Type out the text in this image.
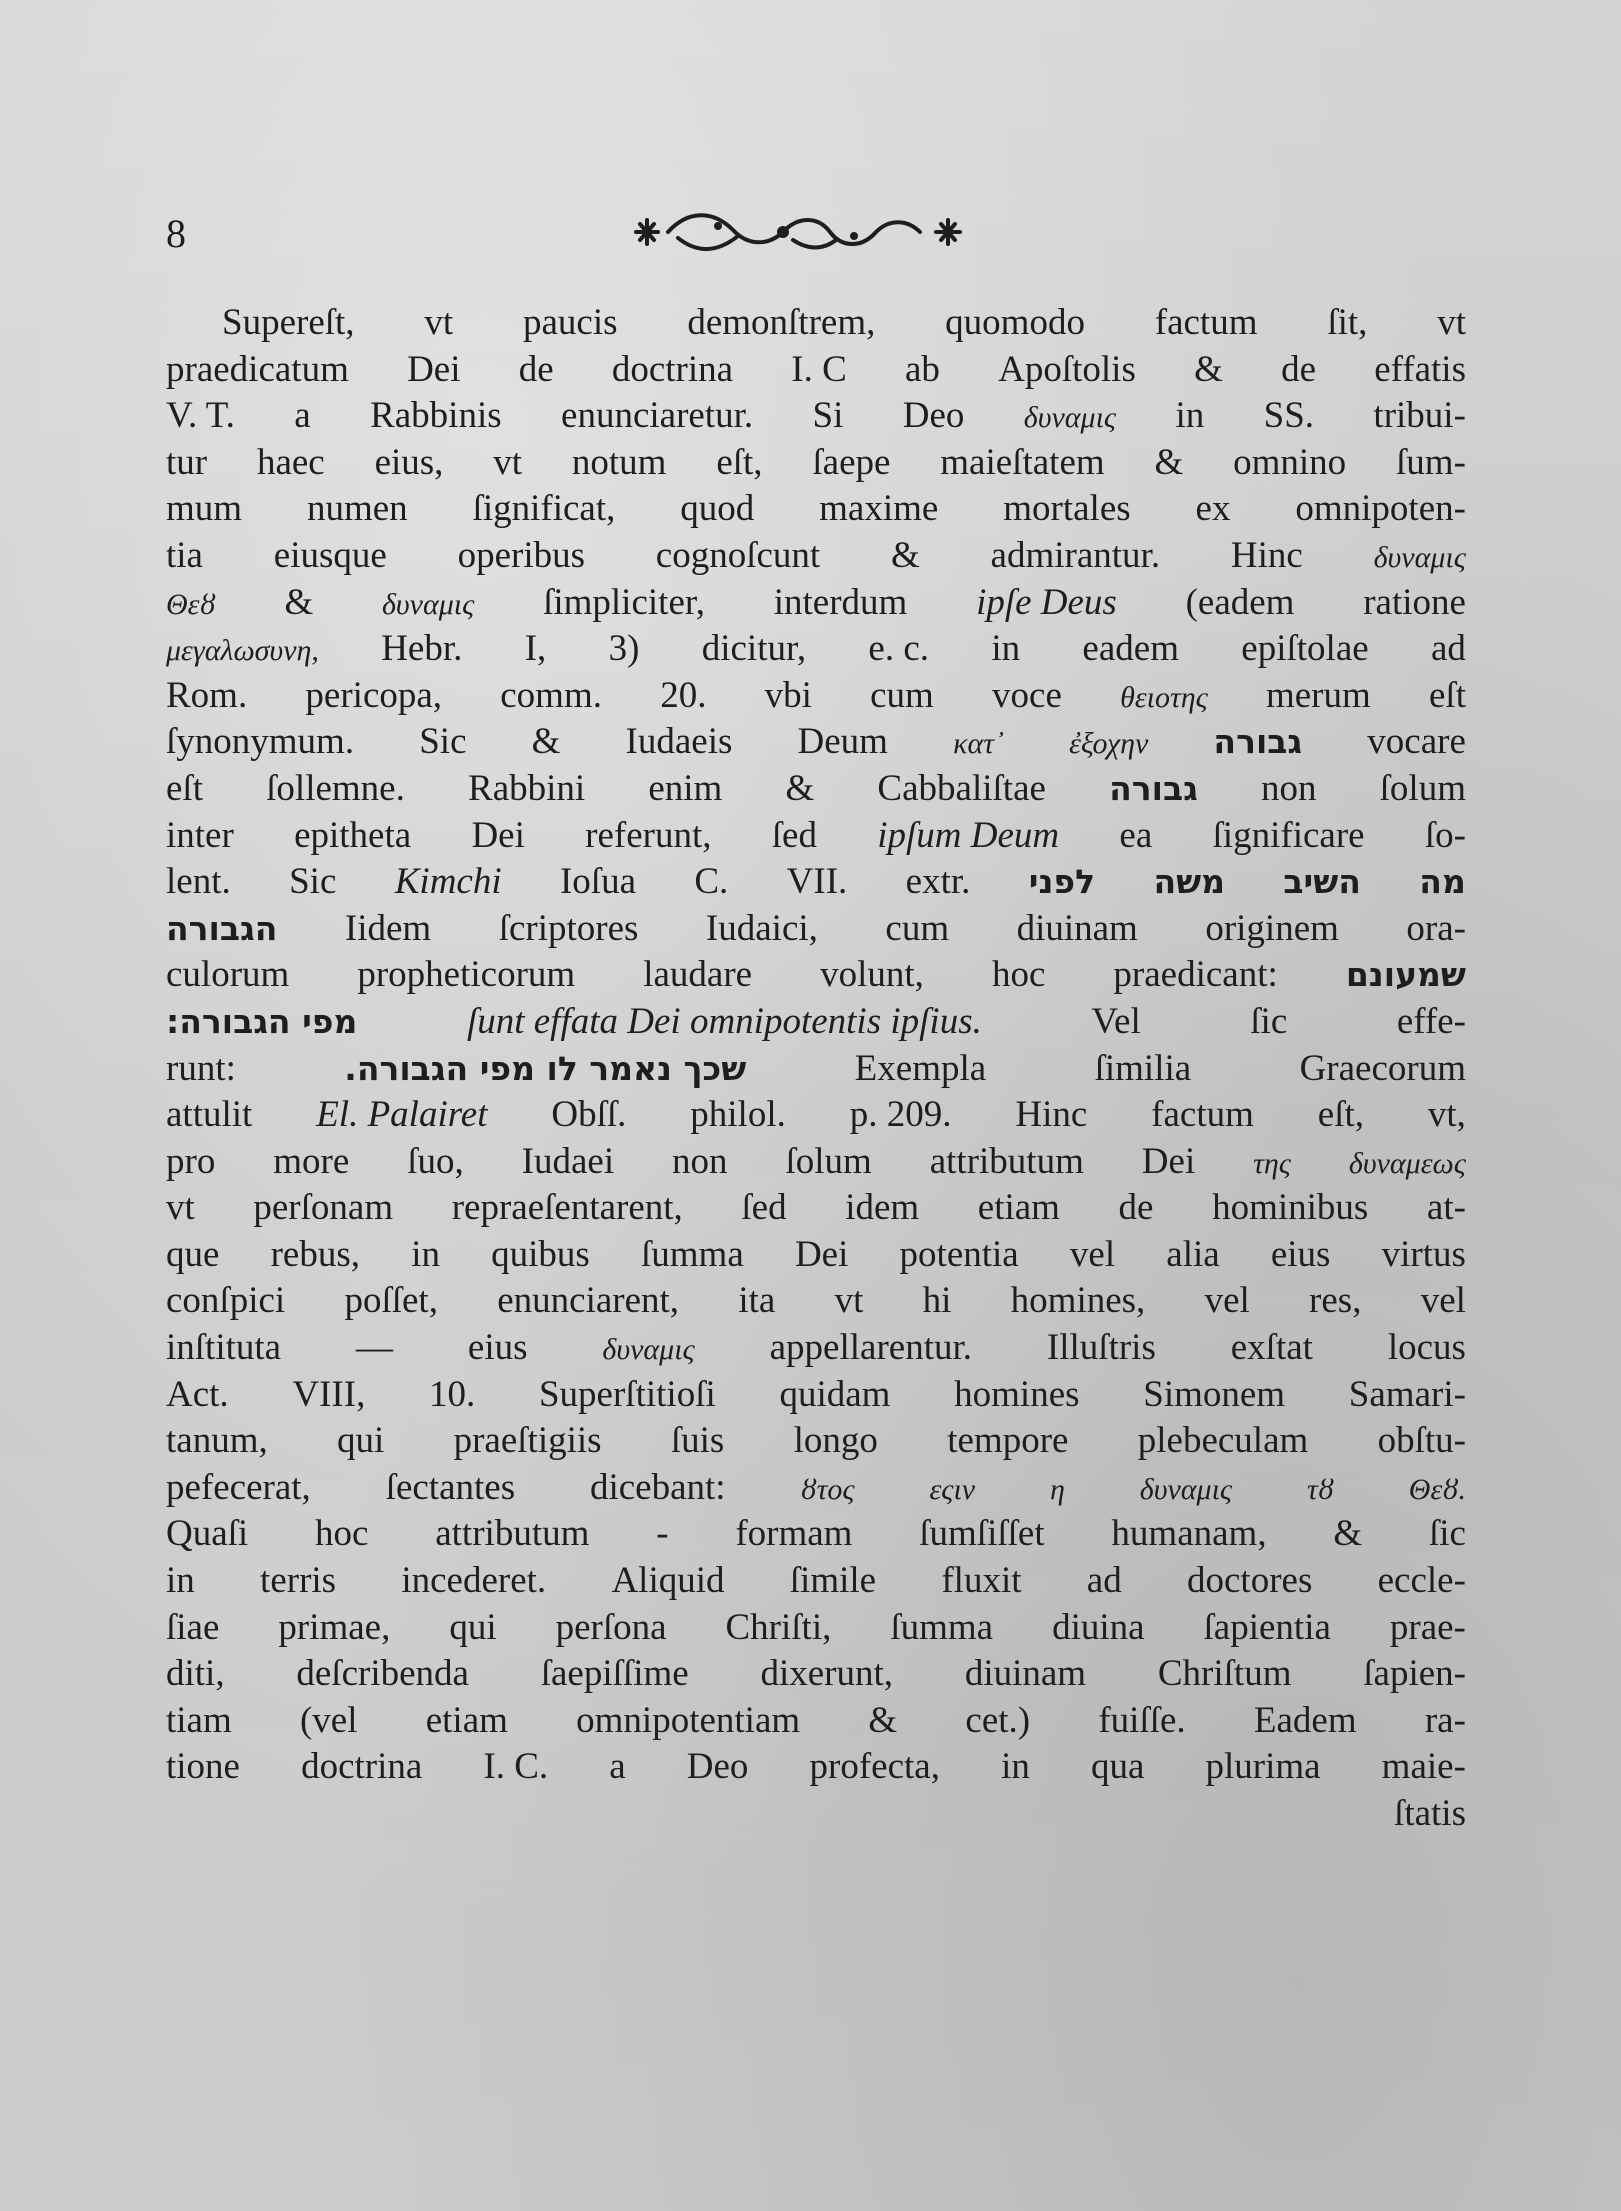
8
Supereſt, vt paucis demonſtrem, quomodo factum ſit, vt
praedicatum Dei de doctrina I. C ab Apoſtolis & de effatis
V. T. a Rabbinis enunciaretur. Si Deo δυναμις in SS. tribui-
tur haec eius, vt notum eſt, ſaepe maieſtatem & omnino ſum-
mum numen ſignificat, quod maxime mortales ex omnipoten-
tia eiusque operibus cognoſcunt & admirantur. Hinc δυναμις
Θεȣ & δυναμις ſimpliciter, interdum ipſe Deus (eadem ratione
μεγαλωσυνη, Hebr. I, 3) dicitur, e. c. in eadem epiſtolae ad
Rom. pericopa, comm. 20. vbi cum voce θειοτης merum eſt
ſynonymum. Sic & Iudaeis Deum κατ᾽ ἐξοχην גבורה vocare
eſt ſollemne. Rabbini enim & Cabbaliſtae גבורה non ſolum
inter epitheta Dei referunt, ſed ipſum Deum ea ſignificare ſo-
lent. Sic Kimchi Ioſua C. VII. extr. לפני משה השיב מה
הגבורה Iidem ſcriptores Iudaici, cum diuinam originem ora-
culorum propheticorum laudare volunt, hoc praedicant: שמעונם
מפי הגבורה:	ſunt effata Dei omnipotentis ipſius.	Vel	ſic	effe-
runt:	שכך נאמר לו מפי הגבורה.	Exempla	ſimilia	Graecorum
attulit El. Palairet Obſſ. philol. p. 209. Hinc factum eſt, vt,
pro more ſuo, Iudaei non ſolum attributum Dei της δυναμεως
vt perſonam repraeſentarent, ſed idem etiam de hominibus at-
que rebus, in quibus ſumma Dei potentia vel alia eius virtus
conſpici poſſet, enunciarent, ita vt hi homines, vel res, vel
inſtituta — eius δυναμις appellarentur. Illuſtris exſtat locus
Act. VIII, 10. Superſtitioſi quidam homines Simonem Samari-
tanum, qui praeſtigiis ſuis longo tempore plebeculam obſtu-
pefecerat, ſectantes dicebant: ȣτος εςιν η δυναμις τȣ Θεȣ.
Quaſi hoc attributum - formam ſumſiſſet humanam, & ſic
in terris incederet. Aliquid ſimile fluxit ad doctores eccle-
ſiae primae, qui perſona Chriſti, ſumma diuina ſapientia prae-
diti, deſcribenda ſaepiſſime dixerunt, diuinam Chriſtum ſapien-
tiam (vel etiam omnipotentiam & cet.) fuiſſe. Eadem ra-
tione doctrina I. C. a Deo profecta, in qua plurima maie-
ſtatis
